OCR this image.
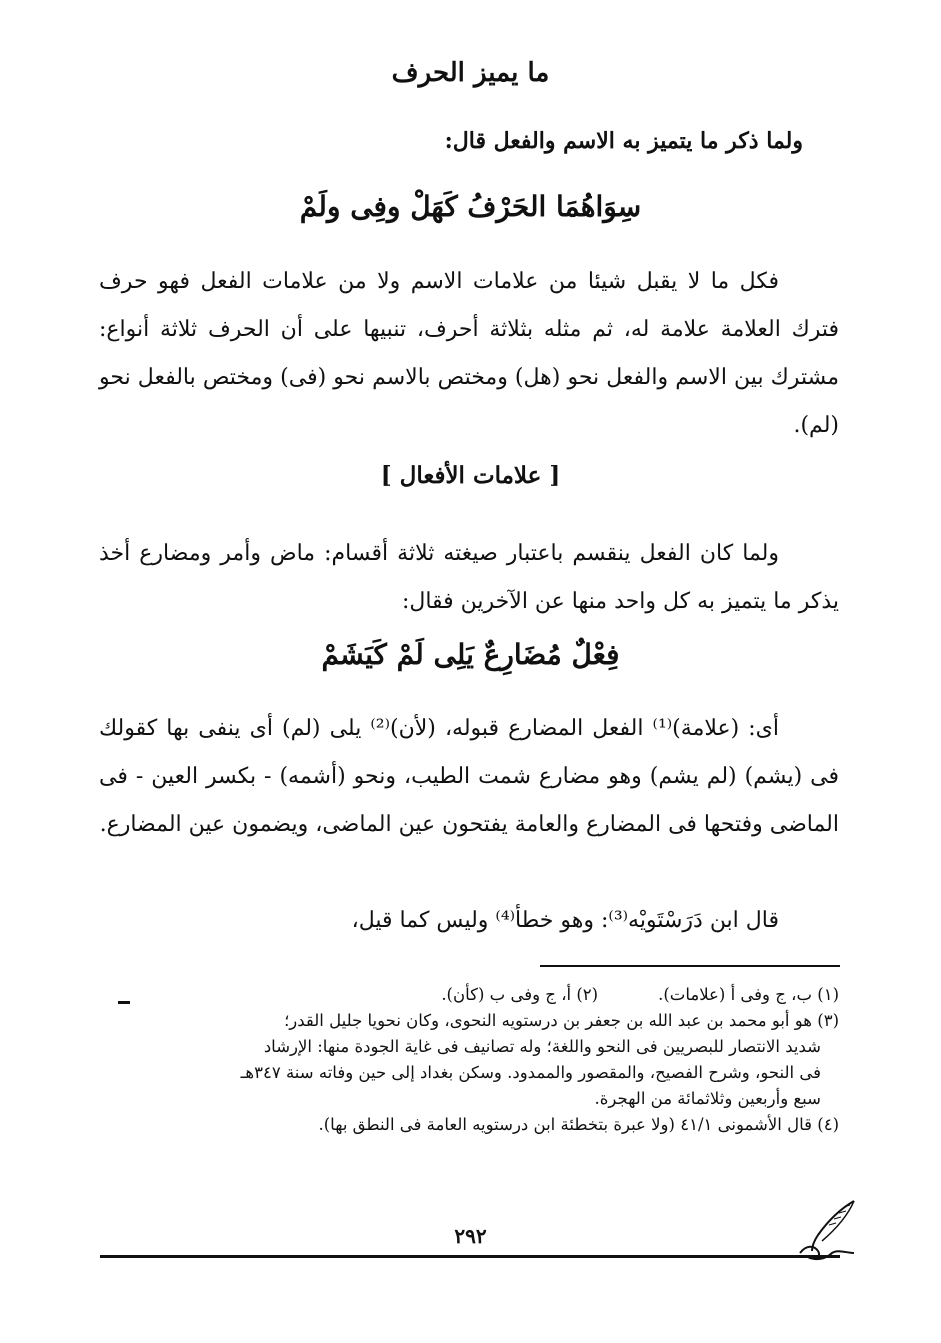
ما يميز الحرف
ولما ذكر ما يتميز به الاسم والفعل قال:
سِوَاهُمَا الحَرْفُ كَهَلْ وفِى ولَمْ
فكل ما لا يقبل شيئا من علامات الاسم ولا من علامات الفعل فهو حرف فترك العلامة علامة له، ثم مثله بثلاثة أحرف، تنبيها على أن الحرف ثلاثة أنواع: مشترك بين الاسم والفعل نحو (هل) ومختص بالاسم نحو (فى) ومختص بالفعل نحو (لم).
[ علامات الأفعال ]
ولما كان الفعل ينقسم باعتبار صيغته ثلاثة أقسام: ماض وأمر ومضارع أخذ يذكر ما يتميز به كل واحد منها عن الآخرين فقال:
فِعْلٌ مُضَارِعٌ يَلِى لَمْ كَيَشَمْ
أى: (علامة)⁽¹⁾ الفعل المضارع قبوله، (لأن)⁽²⁾ يلى (لم) أى ينفى بها كقولك فى (يشم) (لم يشم) وهو مضارع شمت الطيب، ونحو (أشمه) - بكسر العين - فى الماضى وفتحها فى المضارع والعامة يفتحون عين الماضى، ويضمون عين المضارع.
قال ابن دَرَسْتَويْه⁽³⁾: وهو خطأ⁽⁴⁾ وليس كما قيل،
(١) ب، ج وفى أ (علامات).
(٢) أ، ج وفى ب (كأن).
(٣) هو أبو محمد بن عبد الله بن جعفر بن درستويه النحوى، وكان نحويا جليل القدر؛
شديد الانتصار للبصريين فى النحو واللغة؛ وله تصانيف فى غاية الجودة منها: الإرشاد
فى النحو، وشرح الفصيح، والمقصور والممدود. وسكن بغداد إلى حين وفاته سنة ٣٤٧هـ
سبع وأربعين وثلاثمائة من الهجرة.
(٤) قال الأشمونى ٤١/١ (ولا عبرة بتخطئة ابن درستويه العامة فى النطق بها).
٢٩٢
